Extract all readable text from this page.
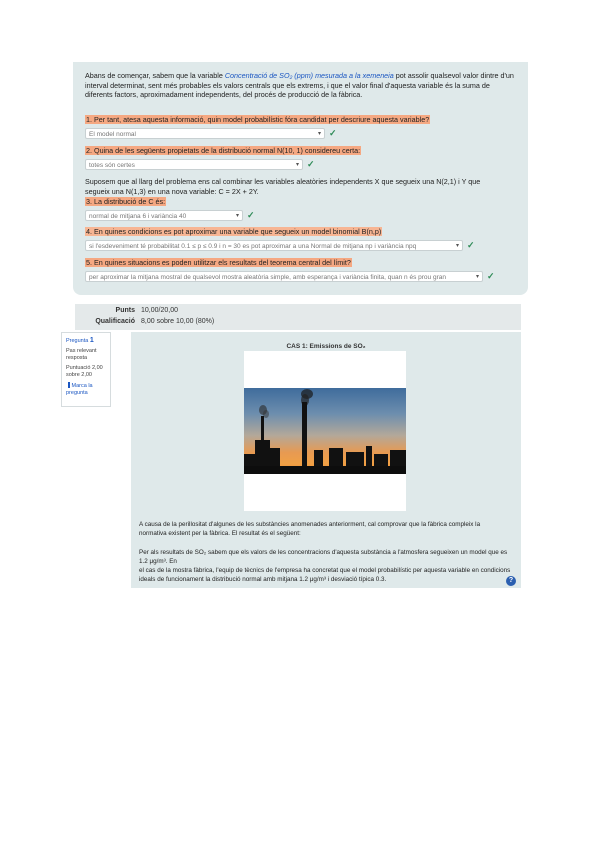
Abans de començar, sabem que la variable Concentració de SO₂ (ppm) mesurada a la xemeneia pot assolir qualsevol valor dintre d'un
interval determinat, sent més probables els valors centrals que els extrems, i que el valor final d'aquesta variable és la suma de
diferents factors, aproximadament independents, del procés de producció de la fàbrica.
1. Per tant, atesa aquesta informació, quin model probabilístic fóra candidat per descriure aquesta variable?
El model normal	▾ ✓
2. Quina de les següents propietats de la distribució normal N(10, 1) considereu certa:
totes són certes	▾ ✓
Suposem que al llarg del problema ens cal combinar les variables aleatòries independents X que segueix una N(2,1) i Y que
segueix una N(1,3) en una nova variable: C = 2X + 2Y.
3. La distribució de C és:
normal de mitjana 6 i variància 40	▾ ✓
4. En quines condicions es pot aproximar una variable que segueix un model binomial B(n,p)
si l'esdeveniment té probabilitat 0.1 ≤ p ≤ 0.9 i n = 30 es pot aproximar a una Normal de mitjana np i variància npq	▾ ✓
5. En quines situacions es poden utilitzar els resultats del teorema central del límit?
per aproximar la mitjana mostral de qualsevol mostra aleatòria simple, amb esperança i variància finita, quan n és prou gran	▾ ✓
Punts 10,00/20,00
Qualificació 8,00 sobre 10,00 (80%)
Pregunta 1
Pas relevant resposta
Puntuació 2,00 sobre 2,00
Marca la pregunta
CAS 1: Emissions de SO₂
A causa de la perillositat d'algunes de les substàncies anomenades anteriorment, cal comprovar que la fàbrica compleix la
normativa existent per la fàbrica. El resultat és el següent:
Per als resultats de SO₂ sabem que els valors de les concentracions d'aquesta substància a l'atmosfera segueixen un model que es 1.2 μg/m³. En
el cas de la mostra fàbrica, l'equip de tècnics de l'empresa ha concretat que el model probabilístic per aquesta variable en condicions
ideals de funcionament la distribució normal amb mitjana 1.2 μg/m³ i desviació típica 0.3.	?
